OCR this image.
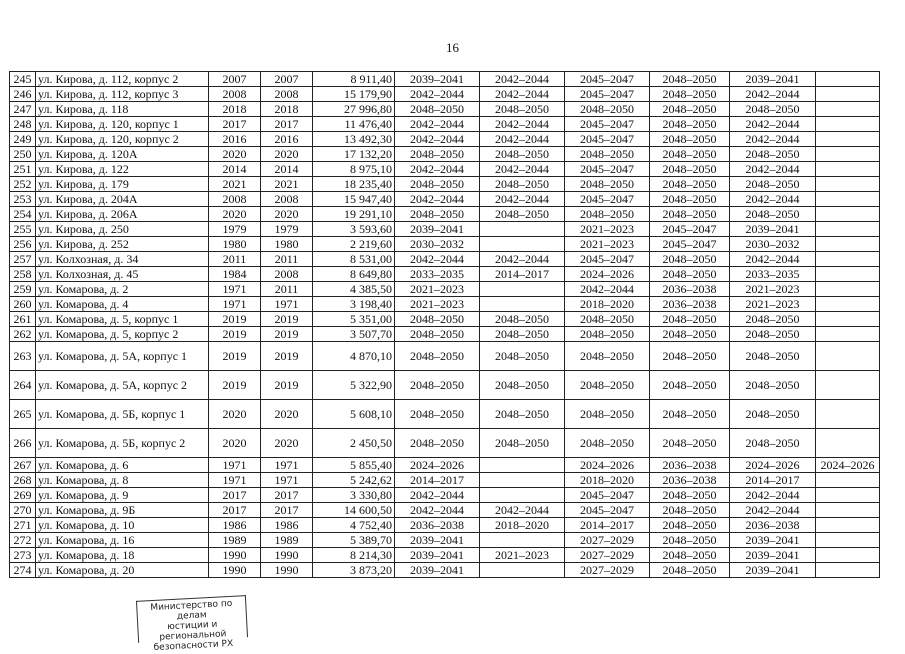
16
245	ул. Кирова, д. 112, корпус 2	2007	2007	8 911,40	2039–2041	2042–2044	2045–2047	2048–2050	2039–2041	
246	ул. Кирова, д. 112, корпус 3	2008	2008	15 179,90	2042–2044	2042–2044	2045–2047	2048–2050	2042–2044	
247	ул. Кирова, д. 118	2018	2018	27 996,80	2048–2050	2048–2050	2048–2050	2048–2050	2048–2050	
248	ул. Кирова, д. 120, корпус 1	2017	2017	11 476,40	2042–2044	2042–2044	2045–2047	2048–2050	2042–2044	
249	ул. Кирова, д. 120, корпус 2	2016	2016	13 492,30	2042–2044	2042–2044	2045–2047	2048–2050	2042–2044	
250	ул. Кирова, д. 120А	2020	2020	17 132,20	2048–2050	2048–2050	2048–2050	2048–2050	2048–2050	
251	ул. Кирова, д. 122	2014	2014	8 975,10	2042–2044	2042–2044	2045–2047	2048–2050	2042–2044	
252	ул. Кирова, д. 179	2021	2021	18 235,40	2048–2050	2048–2050	2048–2050	2048–2050	2048–2050	
253	ул. Кирова, д. 204А	2008	2008	15 947,40	2042–2044	2042–2044	2045–2047	2048–2050	2042–2044	
254	ул. Кирова, д. 206А	2020	2020	19 291,10	2048–2050	2048–2050	2048–2050	2048–2050	2048–2050	
255	ул. Кирова, д. 250	1979	1979	3 593,60	2039–2041		2021–2023	2045–2047	2039–2041	
256	ул. Кирова, д. 252	1980	1980	2 219,60	2030–2032		2021–2023	2045–2047	2030–2032	
257	ул. Колхозная, д. 34	2011	2011	8 531,00	2042–2044	2042–2044	2045–2047	2048–2050	2042–2044	
258	ул. Колхозная, д. 45	1984	2008	8 649,80	2033–2035	2014–2017	2024–2026	2048–2050	2033–2035	
259	ул. Комарова, д. 2	1971	2011	4 385,50	2021–2023		2042–2044	2036–2038	2021–2023	
260	ул. Комарова, д. 4	1971	1971	3 198,40	2021–2023		2018–2020	2036–2038	2021–2023	
261	ул. Комарова, д. 5, корпус 1	2019	2019	5 351,00	2048–2050	2048–2050	2048–2050	2048–2050	2048–2050	
262	ул. Комарова, д. 5, корпус 2	2019	2019	3 507,70	2048–2050	2048–2050	2048–2050	2048–2050	2048–2050	
263	ул. Комарова, д. 5А, корпус 1	2019	2019	4 870,10	2048–2050	2048–2050	2048–2050	2048–2050	2048–2050	
264	ул. Комарова, д. 5А, корпус 2	2019	2019	5 322,90	2048–2050	2048–2050	2048–2050	2048–2050	2048–2050	
265	ул. Комарова, д. 5Б, корпус 1	2020	2020	5 608,10	2048–2050	2048–2050	2048–2050	2048–2050	2048–2050	
266	ул. Комарова, д. 5Б, корпус 2	2020	2020	2 450,50	2048–2050	2048–2050	2048–2050	2048–2050	2048–2050	
267	ул. Комарова, д. 6	1971	1971	5 855,40	2024–2026		2024–2026	2036–2038	2024–2026	2024–2026
268	ул. Комарова, д. 8	1971	1971	5 242,62	2014–2017		2018–2020	2036–2038	2014–2017	
269	ул. Комарова, д. 9	2017	2017	3 330,80	2042–2044		2045–2047	2048–2050	2042–2044	
270	ул. Комарова, д. 9Б	2017	2017	14 600,50	2042–2044	2042–2044	2045–2047	2048–2050	2042–2044	
271	ул. Комарова, д. 10	1986	1986	4 752,40	2036–2038	2018–2020	2014–2017	2048–2050	2036–2038	
272	ул. Комарова, д. 16	1989	1989	5 389,70	2039–2041		2027–2029	2048–2050	2039–2041	
273	ул. Комарова, д. 18	1990	1990	8 214,30	2039–2041	2021–2023	2027–2029	2048–2050	2039–2041	
274	ул. Комарова, д. 20	1990	1990	3 873,20	2039–2041		2027–2029	2048–2050	2039–2041	
Министерство по делам
юстиции и региональной
безопасности РХ
